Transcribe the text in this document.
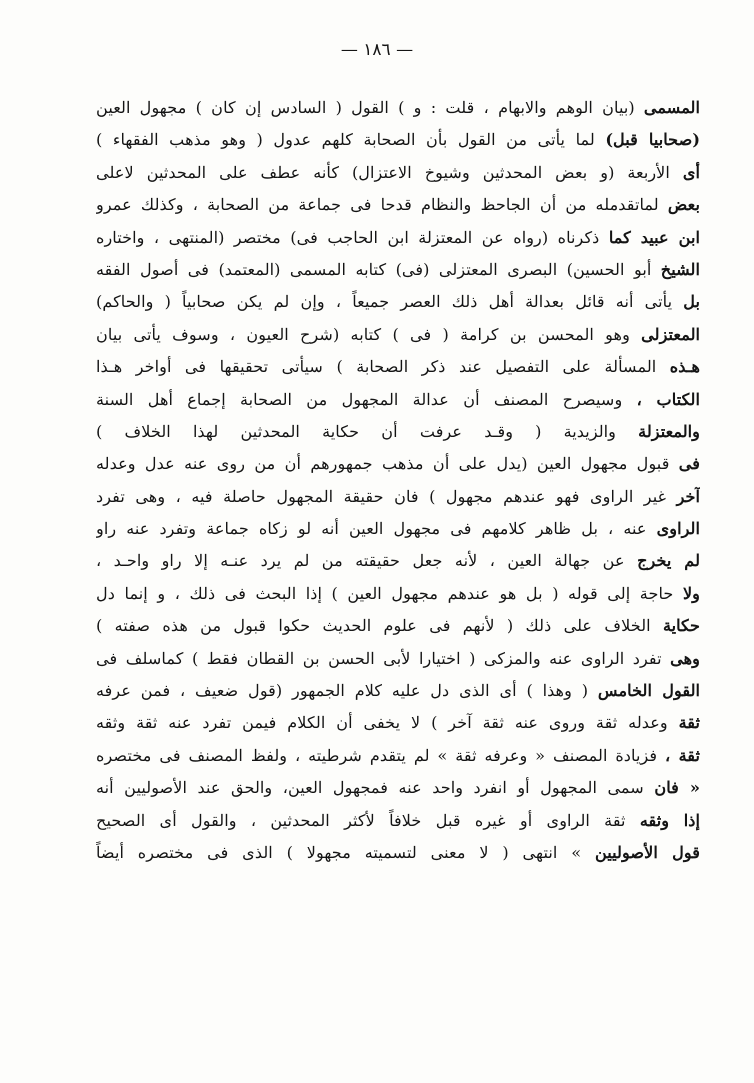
— ١٨٦ —
المسمى (بيان الوهم والابهام ، قلت : و ) القول ( السادس إن كان ) مجهول العين
(صحابيا قبل) لما يأتى من القول بأن الصحابة كلهم عدول ( وهو مذهب الفقهاء )
أى الأربعة (و بعض المحدثين وشيوخ الاعتزال) كأنه عطف على المحدثين لاعلى
بعض لماتقدمله من أن الجاحظ والنظام قدحا فى جماعة من الصحابة ، وكذلك عمرو
ابن عبيد كما ذكرناه (رواه عن المعتزلة ابن الحاجب فى) مختصر (المنتهى ، واختاره
الشيخ أبو الحسين) البصرى المعتزلى (فى) كتابه المسمى (المعتمد) فى أصول الفقه
بل يأتى أنه قائل بعدالة أهل ذلك العصر جميعاً ، وإن لم يكن صحابياً ( والحاكم)
المعتزلى وهو المحسن بن كرامة ( فى ) كتابه (شرح العيون ، وسوف يأتى بيان
هـذه المسألة على التفصيل عند ذكر الصحابة ) سيأتى تحقيقها فى أواخر هـذا
الكتاب ، وسيصرح المصنف أن عدالة المجهول من الصحابة إجماع أهل السنة
والمعتزلة والزيدية ( وقـد عرفت أن حكاية المحدثين لهذا الخلاف )
فى قبول مجهول العين (يدل على أن مذهب جمهورهم أن من روى عنه عدل وعدله
آخر غير الراوى فهو عندهم مجهول ) فان حقيقة المجهول حاصلة فيه ، وهى تفرد
الراوى عنه ، بل ظاهر كلامهم فى مجهول العين أنه لو زكاه جماعة وتفرد عنه راو
لم يخرج عن جهالة العين ، لأنه جعل حقيقته من لم يرد عنـه إلا راو واحـد ،
ولا حاجة إلى قوله ( بل هو عندهم مجهول العين ) إذا البحث فى ذلك ، و إنما دل
حكاية الخلاف على ذلك ( لأنهم فى علوم الحديث حكوا قبول من هذه صفته )
وهى تفرد الراوى عنه والمزكى ( اختيارا لأبى الحسن بن القطان فقط ) كماسلف فى
القول الخامس ( وهذا ) أى الذى دل عليه كلام الجمهور (قول ضعيف ، فمن عرفه
ثقة وعدله ثقة وروى عنه ثقة آخر ) لا يخفى أن الكلام فيمن تفرد عنه ثقة وثقه
ثقة ، فزيادة المصنف « وعرفه ثقة » لم يتقدم شرطيته ، ولفظ المصنف فى مختصره
« فان سمى المجهول أو انفرد واحد عنه فمجهول العين، والحق عند الأصوليين أنه
إذا وثقه ثقة الراوى أو غيره قبل خلافاً لأكثر المحدثين ، والقول أى الصحيح
قول الأصوليين » انتهى ( لا معنى لتسميته مجهولا ) الذى فى مختصره أيضاً
